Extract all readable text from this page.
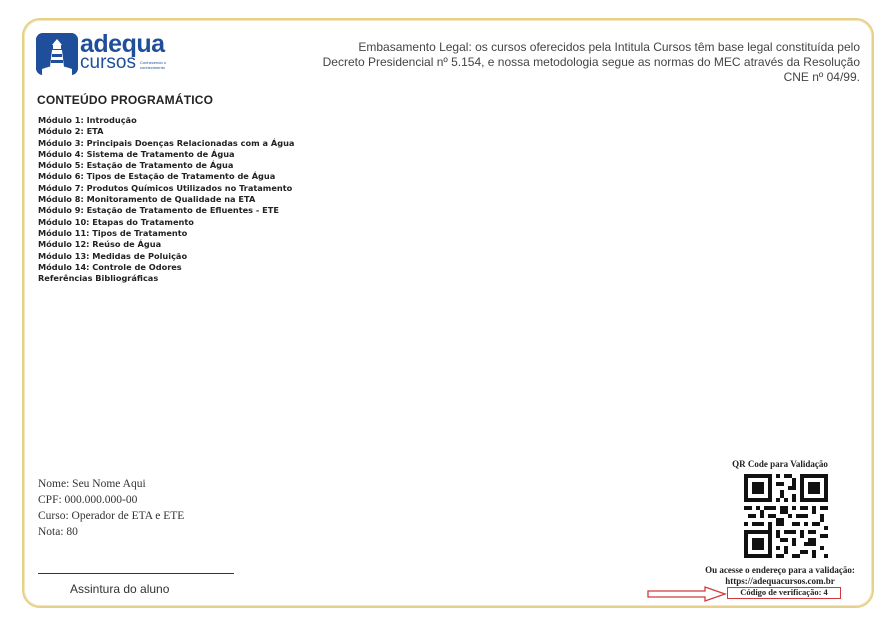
adequa
cursos Conhecendo o conhecimento
Embasamento Legal: os cursos oferecidos pela Intitula Cursos têm base legal constituída pelo Decreto Presidencial nº 5.154, e nossa metodologia segue as normas do MEC através da Resolução CNE nº 04/99.
CONTEÚDO PROGRAMÁTICO
Módulo 1: Introdução
Módulo 2: ETA
Módulo 3: Principais Doenças Relacionadas com a Água
Módulo 4: Sistema de Tratamento de Água
Módulo 5: Estação de Tratamento de Água
Módulo 6: Tipos de Estação de Tratamento de Água
Módulo 7: Produtos Químicos Utilizados no Tratamento
Módulo 8: Monitoramento de Qualidade na ETA
Módulo 9: Estação de Tratamento de Efluentes - ETE
Módulo 10: Etapas do Tratamento
Módulo 11: Tipos de Tratamento
Módulo 12: Reúso de Água
Módulo 13: Medidas de Poluição
Módulo 14: Controle de Odores
Referências Bibliográficas
Nome: Seu Nome Aqui
CPF: 000.000.000-00
Curso: Operador de ETA e ETE
Nota: 80
Assintura do aluno
QR Code para Validação
Ou acesse o endereço para a validação:
https://adequacursos.com.br
Código de verificação: 4
